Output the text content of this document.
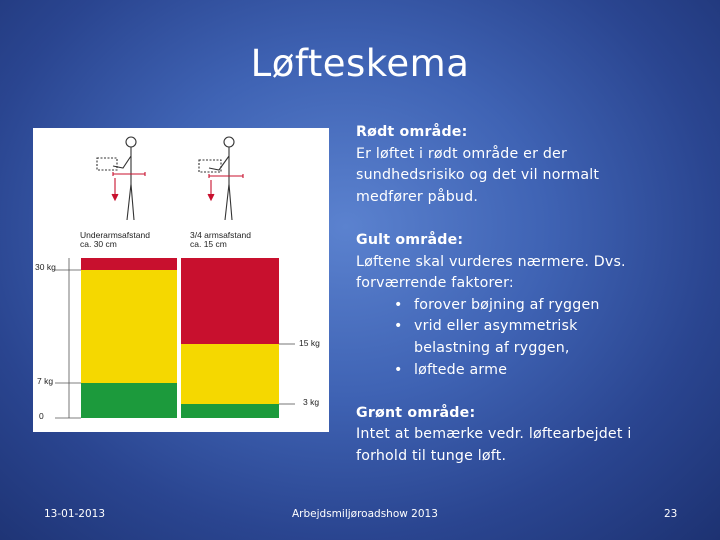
Løfteskema
Underarmsafstand
ca. 30 cm
3/4 armsafstand
ca. 15 cm
30 kg
7 kg
0
15 kg
3 kg
Rødt område:
Er løftet i rødt område er der sundhedsrisiko og det vil normalt medfører påbud.
Gult område:
Løftene skal vurderes nærmere. Dvs. forværrende faktorer:
• forover bøjning af ryggen
• vrid eller asymmetrisk belastning af ryggen,
• løftede arme
Grønt område:
Intet at bemærke vedr. løftearbejdet i forhold til tunge løft.
13-01-2013	Arbejdsmiljøroadshow 2013	23
